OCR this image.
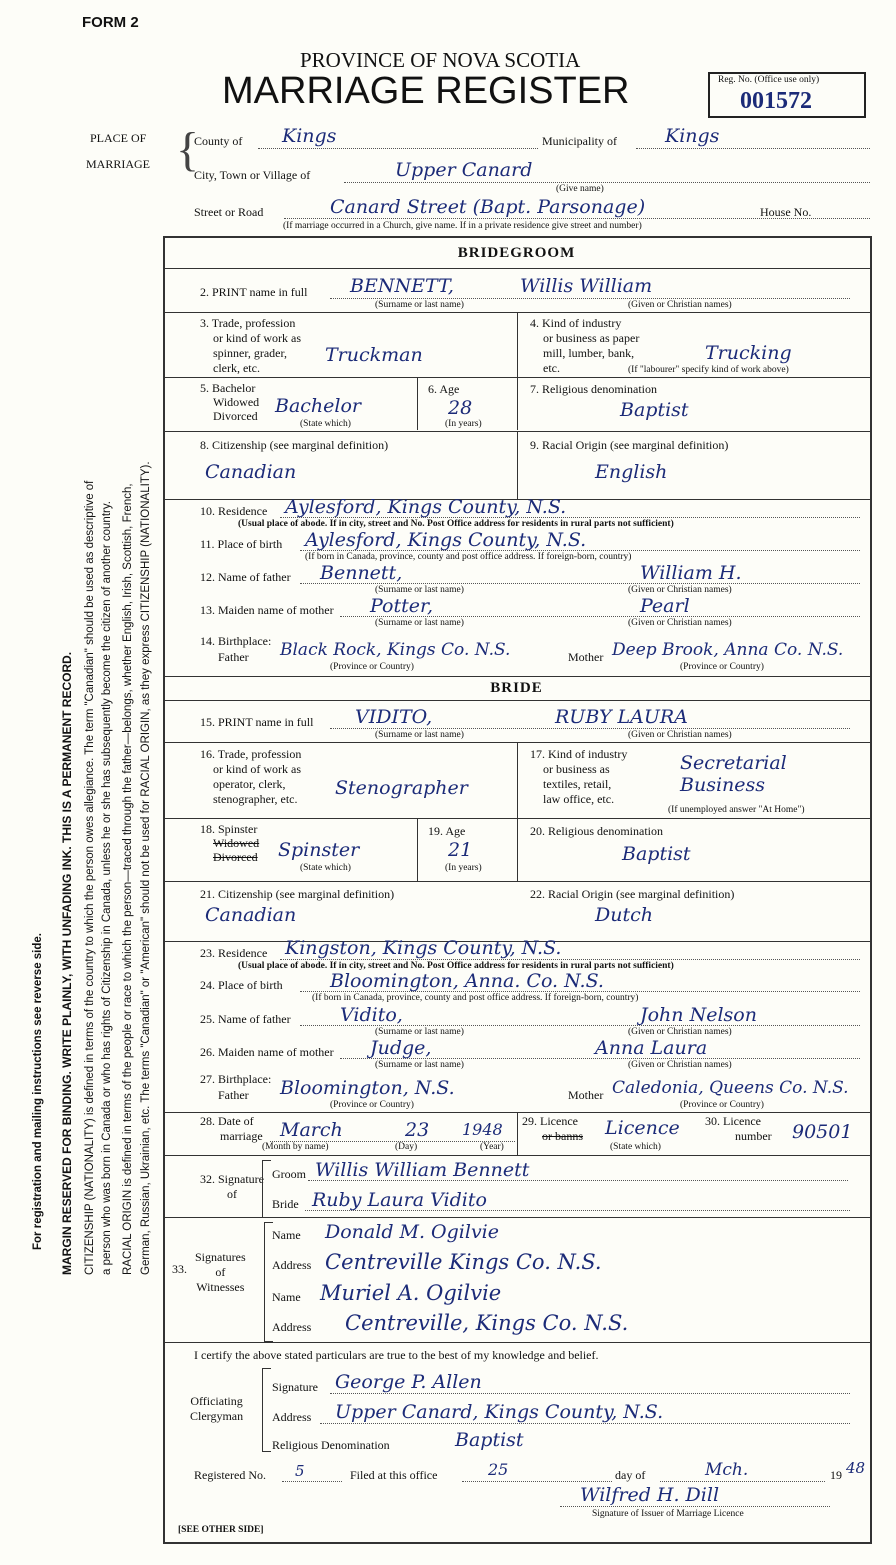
FORM 2
PROVINCE OF NOVA SCOTIA
MARRIAGE REGISTER	Reg. No. (Office use only)
001572
For registration and mailing instructions see reverse side. MARGIN RESERVED FOR BINDING. WRITE PLAINLY, WITH UNFADING INK. THIS IS A PERMANENT RECORD. CITIZENSHIP (NATIONALITY) is defined in terms of the country to which the person owes allegiance. The term "Canadian" should be used as descriptive of a person who was born in Canada or who has rights of Citizenship in Canada, unless he or she has subsequently become the citizen of another country. RACIAL ORIGIN is defined in terms of the people or race to which the person—traced through the father—belongs, whether English, Irish, Scottish, French, German, Russian, Ukrainian, etc. The terms "Canadian" or "American" should not be used for RACIAL ORIGIN, as they express CITIZENSHIP (NATIONALITY).
PLACE OF
MARRIAGE {
County of Kings	Municipality of	Kings
City, Town or Village of	Upper Canard
(Give name)
Street or Road	Canard Street (Bapt. Parsonage)	House No.
(If marriage occurred in a Church, give name. If in a private residence give street and number)
BRIDEGROOM
2. PRINT name in full BENNETT,	Willis William
(Surname or last name)	(Given or Christian names)
3. Trade, profession
or kind of work as
spinner, grader,
clerk, etc.
Truckman
4. Kind of industry
or business as paper
mill, lumber, bank,
etc.
Trucking
(If "labourer" specify kind of work above)
5. Bachelor
Widowed
Divorced Bachelor
(State which)
6. Age
28
(In years)
7. Religious denomination
Baptist
8. Citizenship (see marginal definition)
Canadian
9. Racial Origin (see marginal definition)
English
10. Residence Aylesford, Kings County, N.S.
(Usual place of abode. If in city, street and No. Post Office address for residents in rural parts not sufficient)
11. Place of birth Aylesford, Kings County, N.S.
(If born in Canada, province, county and post office address. If foreign-born, country)
12. Name of father Bennett,	William H.
(Surname or last name)	(Given or Christian names)
13. Maiden name of mother Potter,	Pearl
(Surname or last name)	(Given or Christian names)
14. Birthplace:
Father Black Rock, Kings Co. N.S.	Mother Deep Brook, Anna Co. N.S.
(Province or Country)	(Province or Country)
BRIDE
15. PRINT name in full VIDITO,	RUBY LAURA
(Surname or last name)	(Given or Christian names)
16. Trade, profession
or kind of work as
operator, clerk,
stenographer, etc. Stenographer
17. Kind of industry
or business as
textiles, retail,
law office, etc.
Secretarial Business
(If unemployed answer "At Home")
18. Spinster
Widowed
Divorced Spinster
(State which)
19. Age
21
(In years)
20. Religious denomination
Baptist
21. Citizenship (see marginal definition)
Canadian
22. Racial Origin (see marginal definition)
Dutch
23. Residence Kingston, Kings County, N.S.
(Usual place of abode. If in city, street and No. Post Office address for residents in rural parts not sufficient)
24. Place of birth Bloomington, Anna. Co. N.S.
(If born in Canada, province, county and post office address. If foreign-born, country)
25. Name of father	Vidito,	John Nelson
(Surname or last name)	(Given or Christian names)
26. Maiden name of mother Judge,	Anna Laura
(Surname or last name)	(Given or Christian names)
27. Birthplace:
Father Bloomington, N.S.	Mother Caledonia, Queens Co. N.S.
(Province or Country)	(Province or Country)
28. Date of
marriage March	23 1948
(Month by name)	(Day)	(Year)
29. Licence
or banns Licence
(State which)
30. Licence
number 90501
32. Signature
of
Groom Willis William Bennett
Bride Ruby Laura Vidito
33.
Signatures
of
Witnesses
Name Donald M. Ogilvie
Address Centreville Kings Co. N.S.
Name Muriel A. Ogilvie
Address Centreville, Kings Co. N.S.
I certify the above stated particulars are true to the best of my knowledge and belief.
Officiating
Clergyman
Signature George P. Allen
Address Upper Canard, Kings County, N.S.
Religious Denomination	Baptist
Registered No. 5	Filed at this office	25	day of	Mch.	19 48
Wilfred H. Dill
Signature of Issuer of Marriage Licence
[SEE OTHER SIDE]
